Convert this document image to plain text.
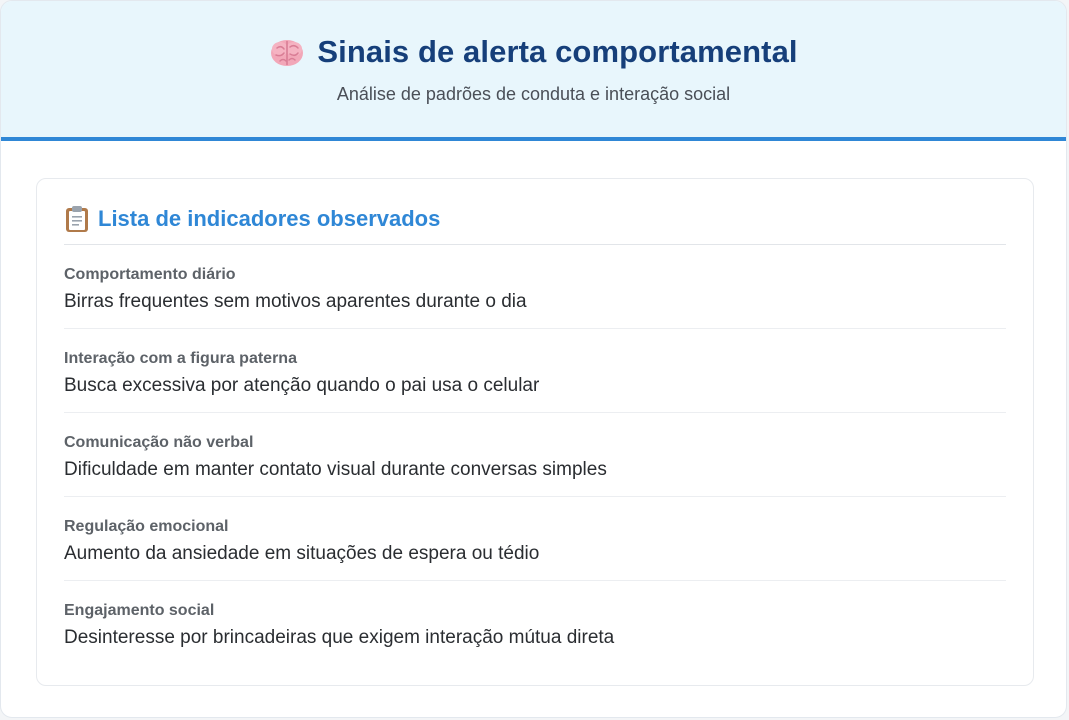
Sinais de alerta comportamental
Análise de padrões de conduta e interação social
Lista de indicadores observados
Comportamento diário
Birras frequentes sem motivos aparentes durante o dia
Interação com a figura paterna
Busca excessiva por atenção quando o pai usa o celular
Comunicação não verbal
Dificuldade em manter contato visual durante conversas simples
Regulação emocional
Aumento da ansiedade em situações de espera ou tédio
Engajamento social
Desinteresse por brincadeiras que exigem interação mútua direta
